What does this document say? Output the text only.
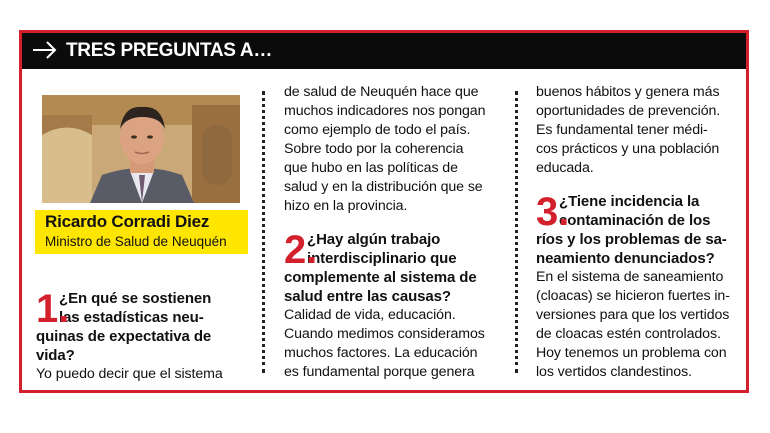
TRES PREGUNTAS A…
Ricardo Corradi Diez
Ministro de Salud de Neuquén
1.
¿En qué se sostienen
las estadísticas neu-
quinas de expectativa de
vida?
Yo puedo decir que el sistema
de salud de Neuquén hace que
muchos indicadores nos pongan
como ejemplo de todo el país.
Sobre todo por la coherencia
que hubo en las políticas de
salud y en la distribución que se
hizo en la provincia.
2.
¿Hay algún trabajo
interdisciplinario que
complemente al sistema de
salud entre las causas?
Calidad de vida, educación.
Cuando medimos consideramos
muchos factores. La educación
es fundamental porque genera
buenos hábitos y genera más
oportunidades de prevención.
Es fundamental tener médi-
cos prácticos y una población
educada.
3.
¿Tiene incidencia la
contaminación de los
ríos y los problemas de sa-
neamiento denunciados?
En el sistema de saneamiento
(cloacas) se hicieron fuertes in-
versiones para que los vertidos
de cloacas estén controlados.
Hoy tenemos un problema con
los vertidos clandestinos.
